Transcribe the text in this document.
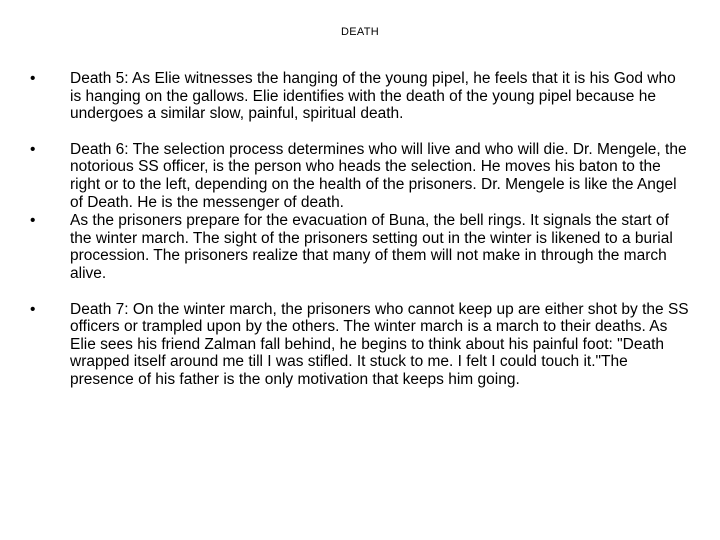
DEATH
•	Death 5: As Elie witnesses the hanging of the young pipel, he feels that it is his God who is hanging on the gallows. Elie identifies with the death of the young pipel because he undergoes a similar slow, painful, spiritual death.
•	Death 6: The selection process determines who will live and who will die. Dr. Mengele, the notorious SS officer, is the person who heads the selection. He moves his baton to the right or to the left, depending on the health of the prisoners. Dr. Mengele is like the Angel of Death. He is the messenger of death.
•	As the prisoners prepare for the evacuation of Buna, the bell rings. It signals the start of the winter march. The sight of the prisoners setting out in the winter is likened to a burial procession. The prisoners realize that many of them will not make in through the march alive.
•	Death 7: On the winter march, the prisoners who cannot keep up are either shot by the SS officers or trampled upon by the others. The winter march is a march to their deaths. As Elie sees his friend Zalman fall behind, he begins to think about his painful foot: "Death wrapped itself around me till I was stifled. It stuck to me. I felt I could touch it."The presence of his father is the only motivation that keeps him going.
